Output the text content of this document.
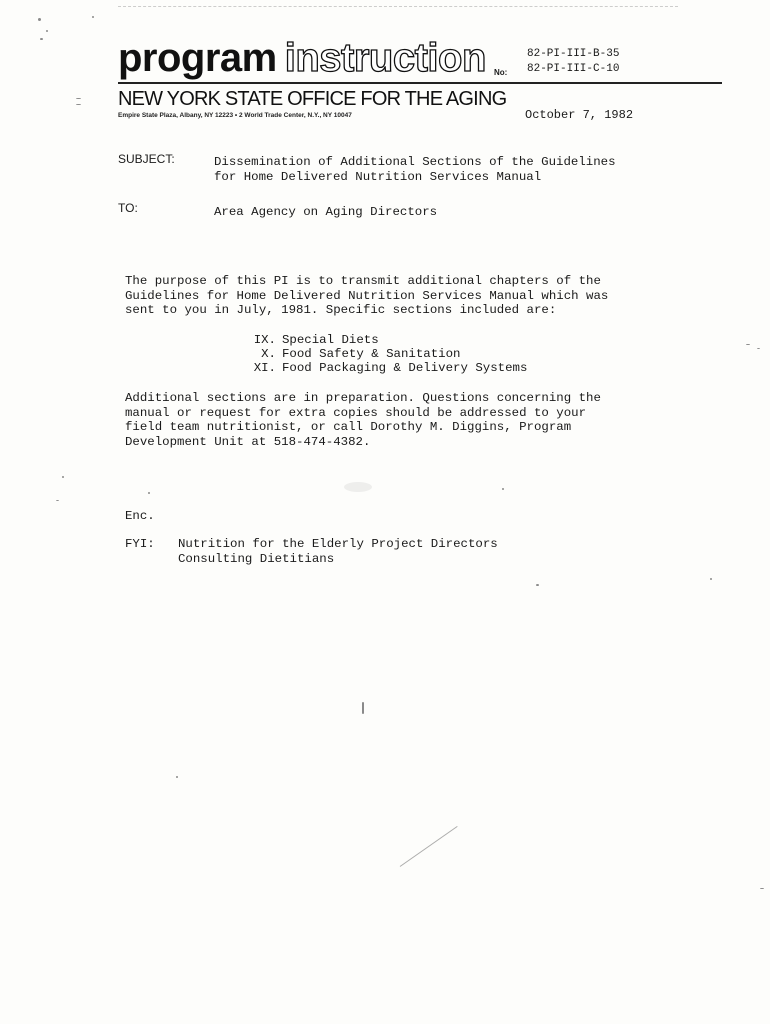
program instruction No:
82-PI-III-B-35
82-PI-III-C-10
NEW YORK STATE OFFICE FOR THE AGING
Empire State Plaza, Albany, NY 12223 • 2 World Trade Center, N.Y., NY 10047	October 7, 1982
SUBJECT:	Dissemination of Additional Sections of the Guidelines
for Home Delivered Nutrition Services Manual
TO:	Area Agency on Aging Directors
The purpose of this PI is to transmit additional chapters of the
Guidelines for Home Delivered Nutrition Services Manual which was
sent to you in July, 1981. Specific sections included are:
IX. Special Diets
X. Food Safety & Sanitation
XI. Food Packaging & Delivery Systems
Additional sections are in preparation. Questions concerning the
manual or request for extra copies should be addressed to your
field team nutritionist, or call Dorothy M. Diggins, Program
Development Unit at 518-474-4382.
Enc.
FYI: Nutrition for the Elderly Project Directors
Consulting Dietitians
